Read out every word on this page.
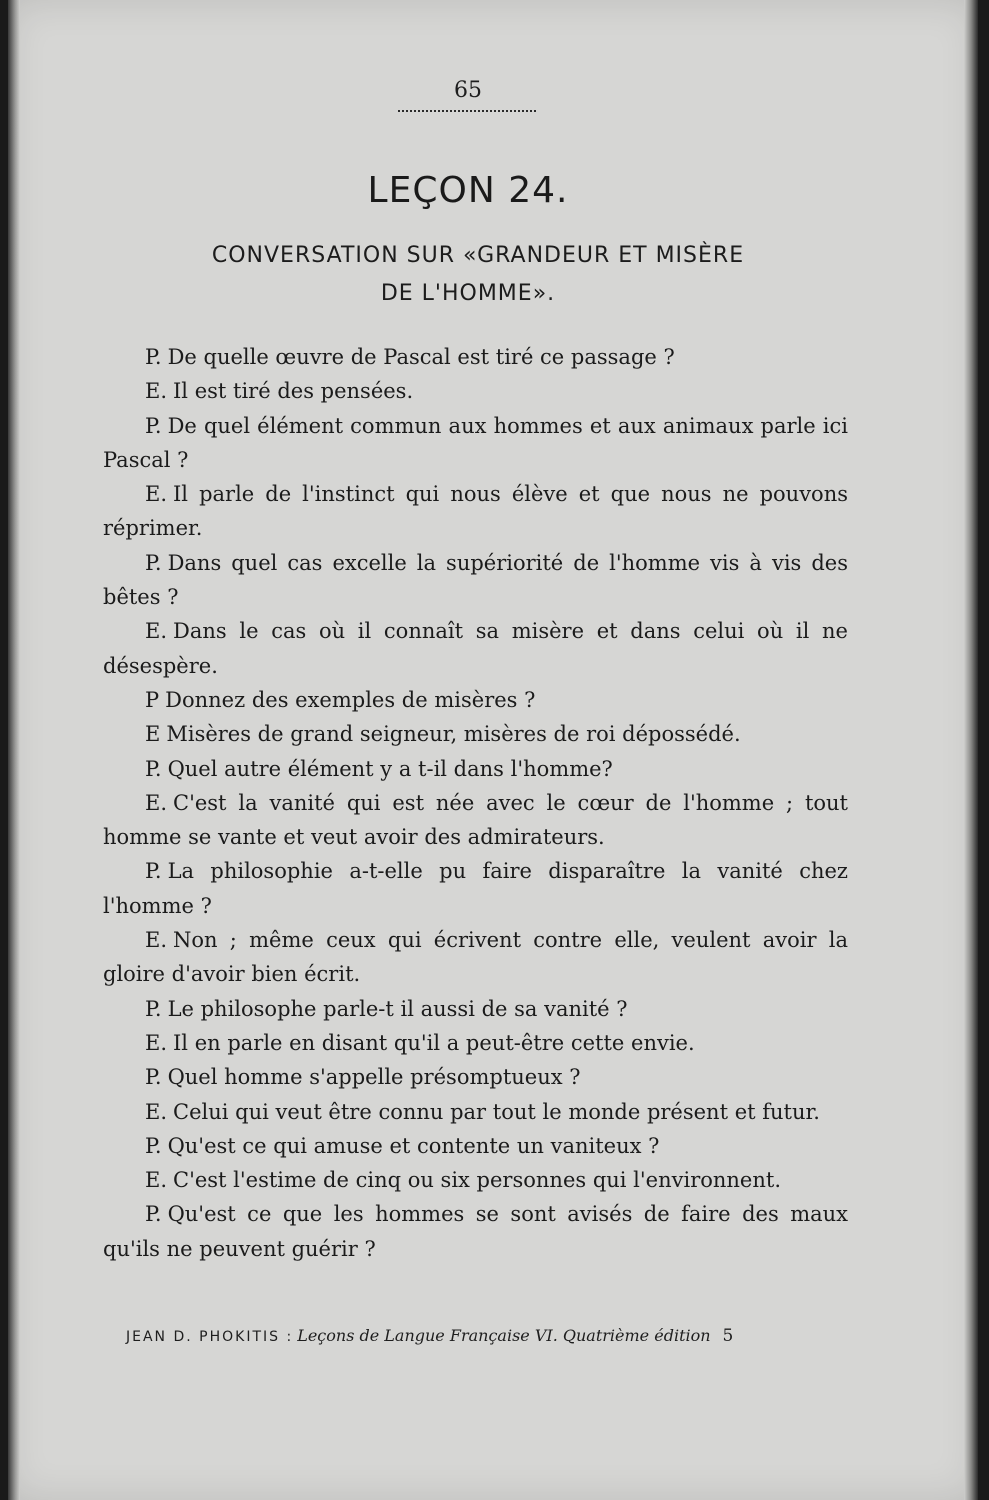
65
LEÇON 24.
CONVERSATION SUR «GRANDEUR ET MISÈRE
DE L'HOMME».

P. De quelle œuvre de Pascal est tiré ce passage ?

E. Il est tiré des pensées.

P. De quel élément commun aux hommes et aux animaux parle ici Pascal ?

E. Il parle de l'instinct qui nous élève et que nous ne pouvons réprimer.

P. Dans quel cas excelle la supériorité de l'homme vis à vis des bêtes ?

E. Dans le cas où il connaît sa misère et dans celui où il ne désespère.

P Donnez des exemples de misères ?

E Misères de grand seigneur, misères de roi dépossédé.

P. Quel autre élément y a t-il dans l'homme?

E. C'est la vanité qui est née avec le cœur de l'homme ; tout homme se vante et veut avoir des admirateurs.

P. La philosophie a-t-elle pu faire disparaître la vanité chez l'homme ?

E. Non ; même ceux qui écrivent contre elle, veulent avoir la gloire d'avoir bien écrit.

P. Le philosophe parle-t il aussi de sa vanité ?

E. Il en parle en disant qu'il a peut-être cette envie.

P. Quel homme s'appelle présomptueux ?

E. Celui qui veut être connu par tout le monde présent et futur.

P. Qu'est ce qui amuse et contente un vaniteux ?

E. C'est l'estime de cinq ou six personnes qui l'environnent.

P. Qu'est ce que les hommes se sont avisés de faire des maux qu'ils ne peuvent guérir ?

JEAN D. PHOKITIS : Leçons de Langue Française VI. Quatrième édition 5
